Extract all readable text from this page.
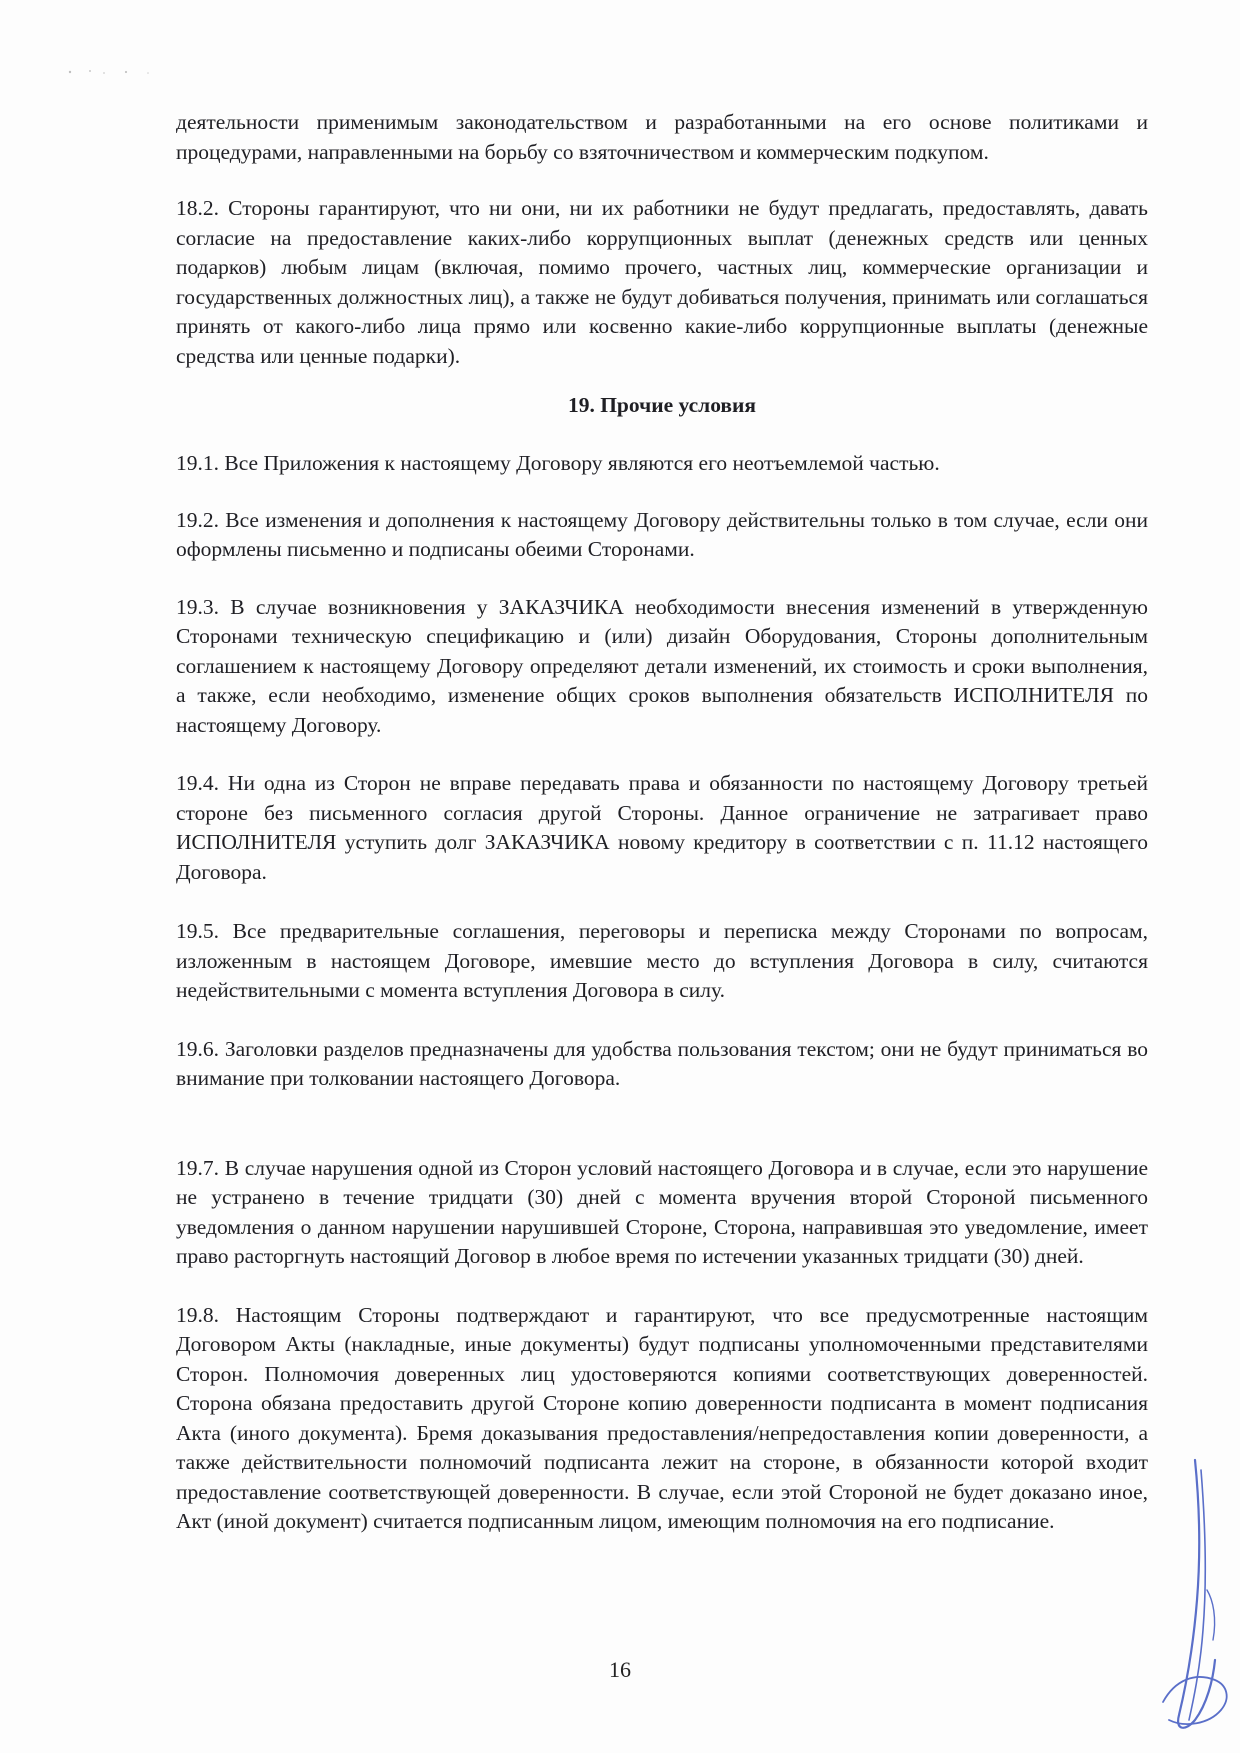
деятельности применимым законодательством и разработанными на его основе политиками и процедурами, направленными на борьбу со взяточничеством и коммерческим подкупом.

18.2. Стороны гарантируют, что ни они, ни их работники не будут предлагать, предоставлять, давать согласие на предоставление каких-либо коррупционных выплат (денежных средств или ценных подарков) любым лицам (включая, помимо прочего, частных лиц, коммерческие организации и государственных должностных лиц), а также не будут добиваться получения, принимать или соглашаться принять от какого-либо лица прямо или косвенно какие-либо коррупционные выплаты (денежные средства или ценные подарки).

19. Прочие условия

19.1. Все Приложения к настоящему Договору являются его неотъемлемой частью.

19.2. Все изменения и дополнения к настоящему Договору действительны только в том случае, если они оформлены письменно и подписаны обеими Сторонами.

19.3. В случае возникновения у ЗАКАЗЧИКА необходимости внесения изменений в утвержденную Сторонами техническую спецификацию и (или) дизайн Оборудования, Стороны дополнительным соглашением к настоящему Договору определяют детали изменений, их стоимость и сроки выполнения, а также, если необходимо, изменение общих сроков выполнения обязательств ИСПОЛНИТЕЛЯ по настоящему Договору.

19.4. Ни одна из Сторон не вправе передавать права и обязанности по настоящему Договору третьей стороне без письменного согласия другой Стороны. Данное ограничение не затрагивает право ИСПОЛНИТЕЛЯ уступить долг ЗАКАЗЧИКА новому кредитору в соответствии с п. 11.12 настоящего Договора.

19.5. Все предварительные соглашения, переговоры и переписка между Сторонами по вопросам, изложенным в настоящем Договоре, имевшие место до вступления Договора в силу, считаются недействительными с момента вступления Договора в силу.

19.6. Заголовки разделов предназначены для удобства пользования текстом; они не будут приниматься во внимание при толковании настоящего Договора.

19.7. В случае нарушения одной из Сторон условий настоящего Договора и в случае, если это нарушение не устранено в течение тридцати (30) дней с момента вручения второй Стороной письменного уведомления о данном нарушении нарушившей Стороне, Сторона, направившая это уведомление, имеет право расторгнуть настоящий Договор в любое время по истечении указанных тридцати (30) дней.

19.8. Настоящим Стороны подтверждают и гарантируют, что все предусмотренные настоящим Договором Акты (накладные, иные документы) будут подписаны уполномоченными представителями Сторон. Полномочия доверенных лиц удостоверяются копиями соответствующих доверенностей. Сторона обязана предоставить другой Стороне копию доверенности подписанта в момент подписания Акта (иного документа). Бремя доказывания предоставления/непредоставления копии доверенности, а также действительности полномочий подписанта лежит на стороне, в обязанности которой входит предоставление соответствующей доверенности. В случае, если этой Стороной не будет доказано иное, Акт (иной документ) считается подписанным лицом, имеющим полномочия на его подписание.

16
